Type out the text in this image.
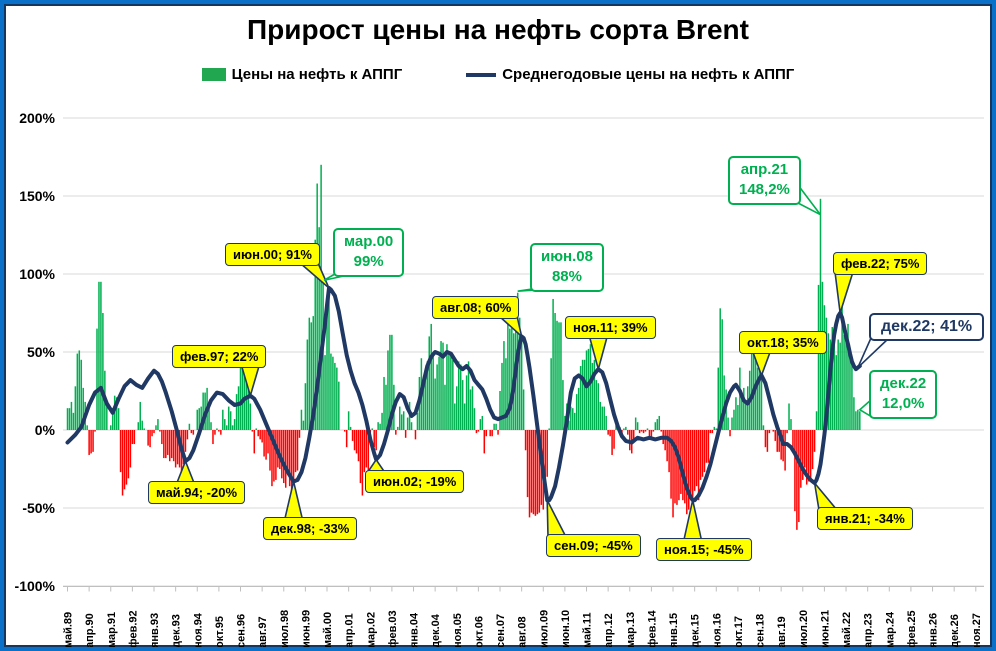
200%
150%
100%
50%
0%
-50%
-100%
май.89 апр.90 мар.91 фев.92 янв.93 дек.93 ноя.94 окт.95 сен.96 авг.97 июл.98 июн.99 май.00 апр.01 мар.02 фев.03 янв.04 дек.04 ноя.05 окт.06 сен.07 авг.08 июл.09 июн.10 май.11 апр.12 мар.13 фев.14 янв.15 дек.15 ноя.16 окт.17 сен.18 авг.19 июл.20 июн.21 май.22 апр.23 мар.24 фев.25 янв.26 дек.26 ноя.27
Прирост цены на нефть сорта Brent
Цены на нефть к АППГ	Среднегодовые цены на нефть к АППГ
май.94; -20%
фев.97; 22%
дек.98; -33%
июн.00; 91%
мар.00
99%
июн.02; -19%
авг.08; 60%
июн.08
88%
сен.09; -45%
ноя.11; 39%
ноя.15; -45%
окт.18; 35%
янв.21; -34%
апр.21
148,2%
фев.22; 75%
дек.22; 41%
дек.22
12,0%
